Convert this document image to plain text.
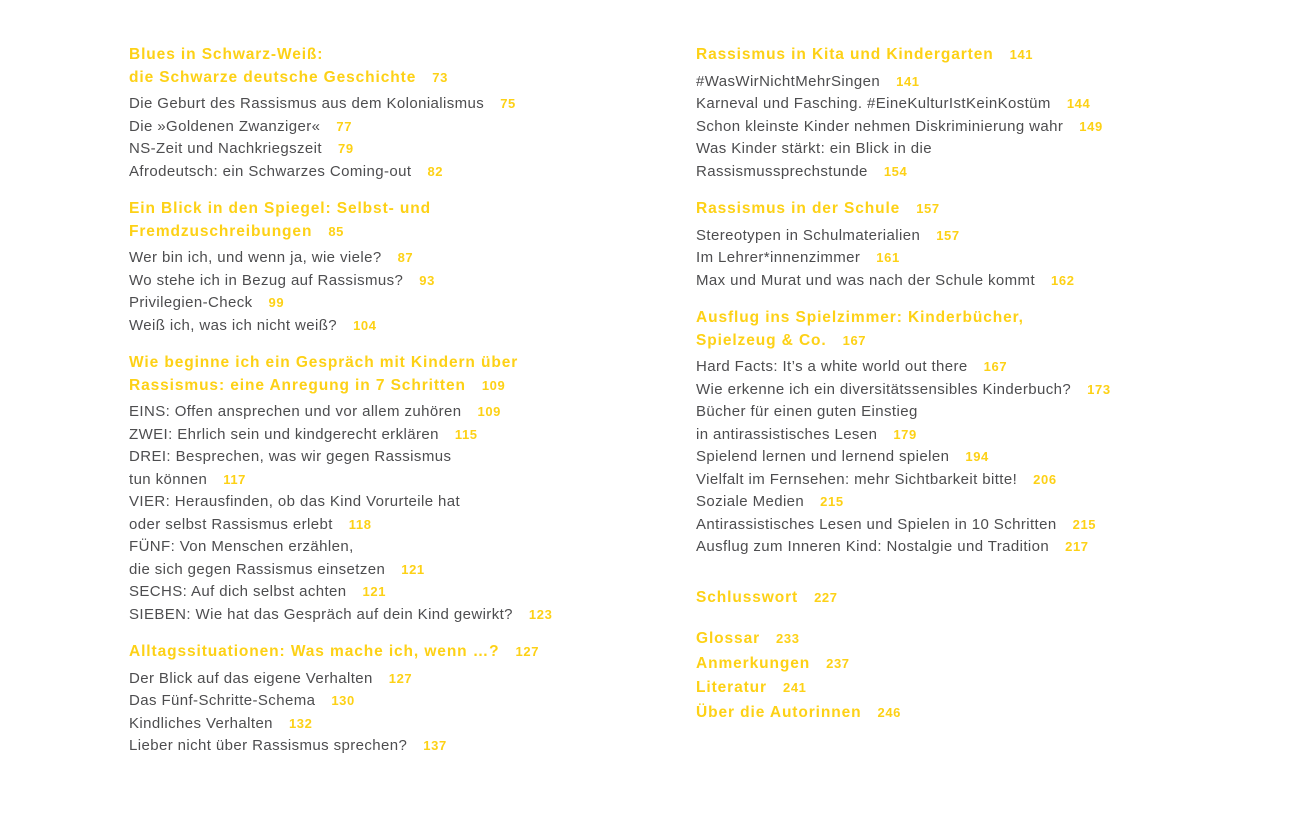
Blues in Schwarz-Weiß:
die Schwarze deutsche Geschichte 73
Die Geburt des Rassismus aus dem Kolonialismus 75
Die »Goldenen Zwanziger« 77
NS-Zeit und Nachkriegszeit 79
Afrodeutsch: ein Schwarzes Coming-out 82
Ein Blick in den Spiegel: Selbst- und
Fremdzuschreibungen 85
Wer bin ich, und wenn ja, wie viele? 87
Wo stehe ich in Bezug auf Rassismus? 93
Privilegien-Check 99
Weiß ich, was ich nicht weiß? 104
Wie beginne ich ein Gespräch mit Kindern über
Rassismus: eine Anregung in 7 Schritten 109
EINS: Offen ansprechen und vor allem zuhören 109
ZWEI: Ehrlich sein und kindgerecht erklären 115
DREI: Besprechen, was wir gegen Rassismus
tun können 117
VIER: Herausfinden, ob das Kind Vorurteile hat
oder selbst Rassismus erlebt 118
FÜNF: Von Menschen erzählen,
die sich gegen Rassismus einsetzen 121
SECHS: Auf dich selbst achten 121
SIEBEN: Wie hat das Gespräch auf dein Kind gewirkt? 123
Alltagssituationen: Was mache ich, wenn …? 127
Der Blick auf das eigene Verhalten 127
Das Fünf-Schritte-Schema 130
Kindliches Verhalten 132
Lieber nicht über Rassismus sprechen? 137
Rassismus in Kita und Kindergarten 141
#WasWirNichtMehrSingen 141
Karneval und Fasching. #EineKulturIstKeinKostüm 144
Schon kleinste Kinder nehmen Diskriminierung wahr 149
Was Kinder stärkt: ein Blick in die
Rassismussprechstunde 154
Rassismus in der Schule 157
Stereotypen in Schulmaterialien 157
Im Lehrer*innenzimmer 161
Max und Murat und was nach der Schule kommt 162
Ausflug ins Spielzimmer: Kinderbücher,
Spielzeug & Co. 167
Hard Facts: It’s a white world out there 167
Wie erkenne ich ein diversitätssensibles Kinderbuch? 173
Bücher für einen guten Einstieg
in antirassistisches Lesen 179
Spielend lernen und lernend spielen 194
Vielfalt im Fernsehen: mehr Sichtbarkeit bitte! 206
Soziale Medien 215
Antirassistisches Lesen und Spielen in 10 Schritten 215
Ausflug zum Inneren Kind: Nostalgie und Tradition 217
Schlusswort 227
Glossar 233
Anmerkungen 237
Literatur 241
Über die Autorinnen 246
